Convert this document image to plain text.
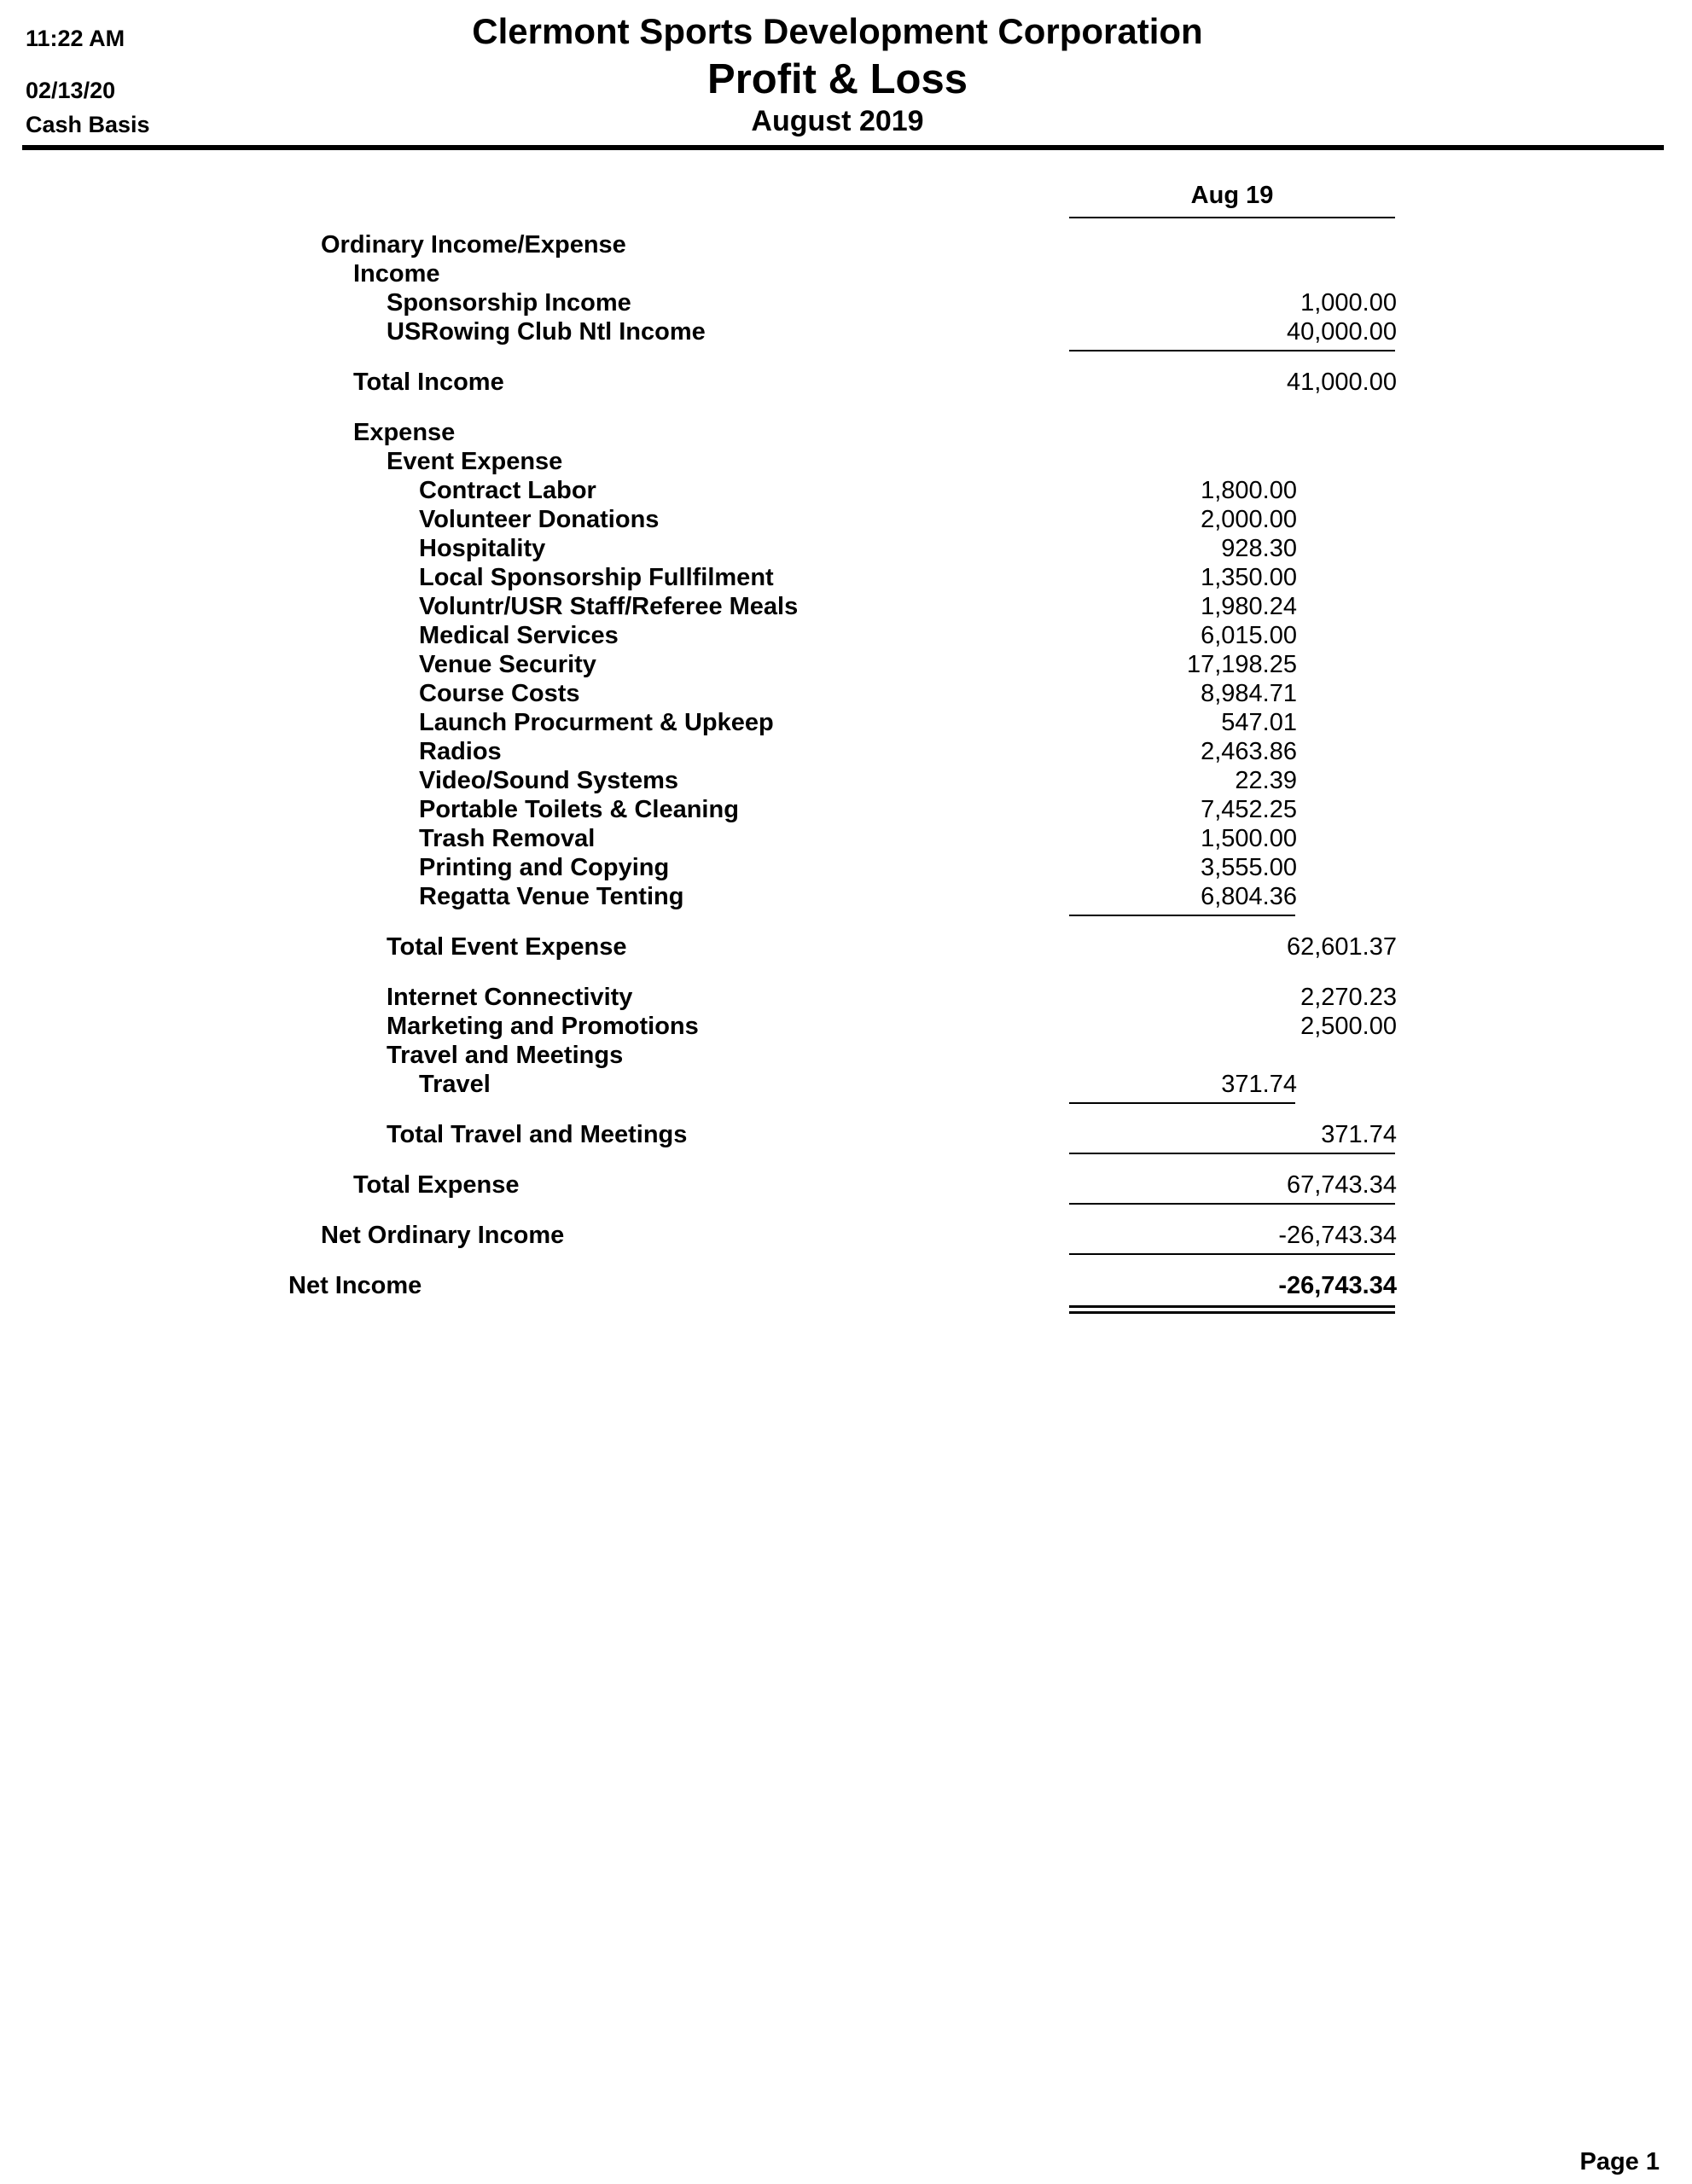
11:22 AM
02/13/20
Cash Basis
Clermont Sports Development Corporation
Profit & Loss
August 2019
Aug 19
Ordinary Income/Expense
Income
Sponsorship Income	1,000.00
USRowing Club Ntl Income	40,000.00
Total Income	41,000.00
Expense
Event Expense
Contract Labor	1,800.00
Volunteer Donations	2,000.00
Hospitality	928.30
Local Sponsorship Fullfilment	1,350.00
Voluntr/USR Staff/Referee Meals	1,980.24
Medical Services	6,015.00
Venue Security	17,198.25
Course Costs	8,984.71
Launch Procurment & Upkeep	547.01
Radios	2,463.86
Video/Sound Systems	22.39
Portable Toilets & Cleaning	7,452.25
Trash Removal	1,500.00
Printing and Copying	3,555.00
Regatta Venue Tenting	6,804.36
Total Event Expense	62,601.37
Internet Connectivity	2,270.23
Marketing and Promotions	2,500.00
Travel and Meetings
Travel	371.74
Total Travel and Meetings	371.74
Total Expense	67,743.34
Net Ordinary Income	-26,743.34
Net Income	-26,743.34
Page 1
